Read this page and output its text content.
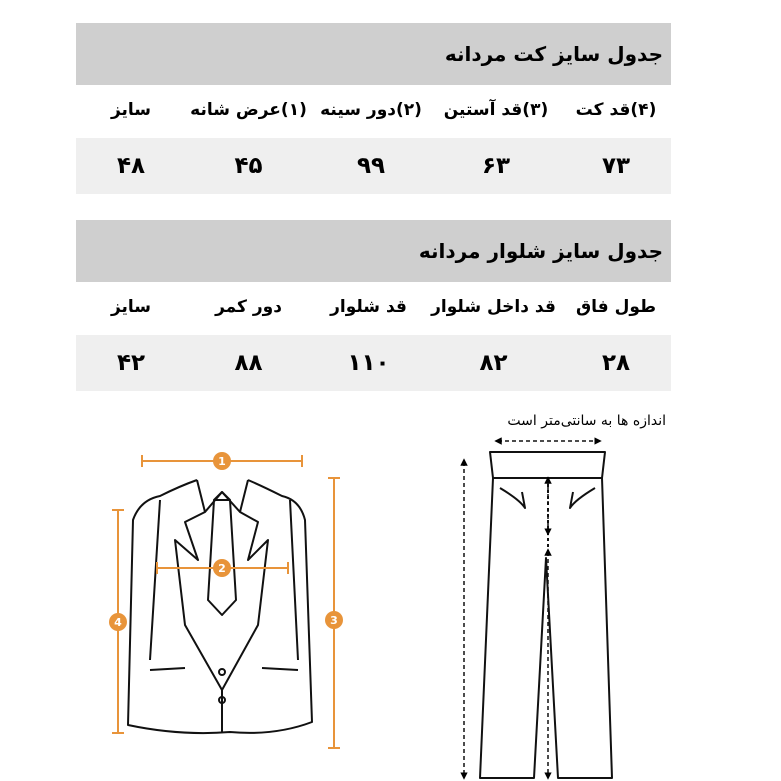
جدول سایز کت مردانه
(۴)قد کت
(۳)قد آستین
(۲)دور سینه
(۱)عرض شانه
سایز
۷۳
۶۳
۹۹
۴۵
۴۸
جدول سایز شلوار مردانه
طول فاق
قد داخل شلوار
قد شلوار
دور کمر
سایز
۲۸
۸۲
۱۱۰
۸۸
۴۲
اندازه ها به سانتی‌متر است
1
2
3
4
